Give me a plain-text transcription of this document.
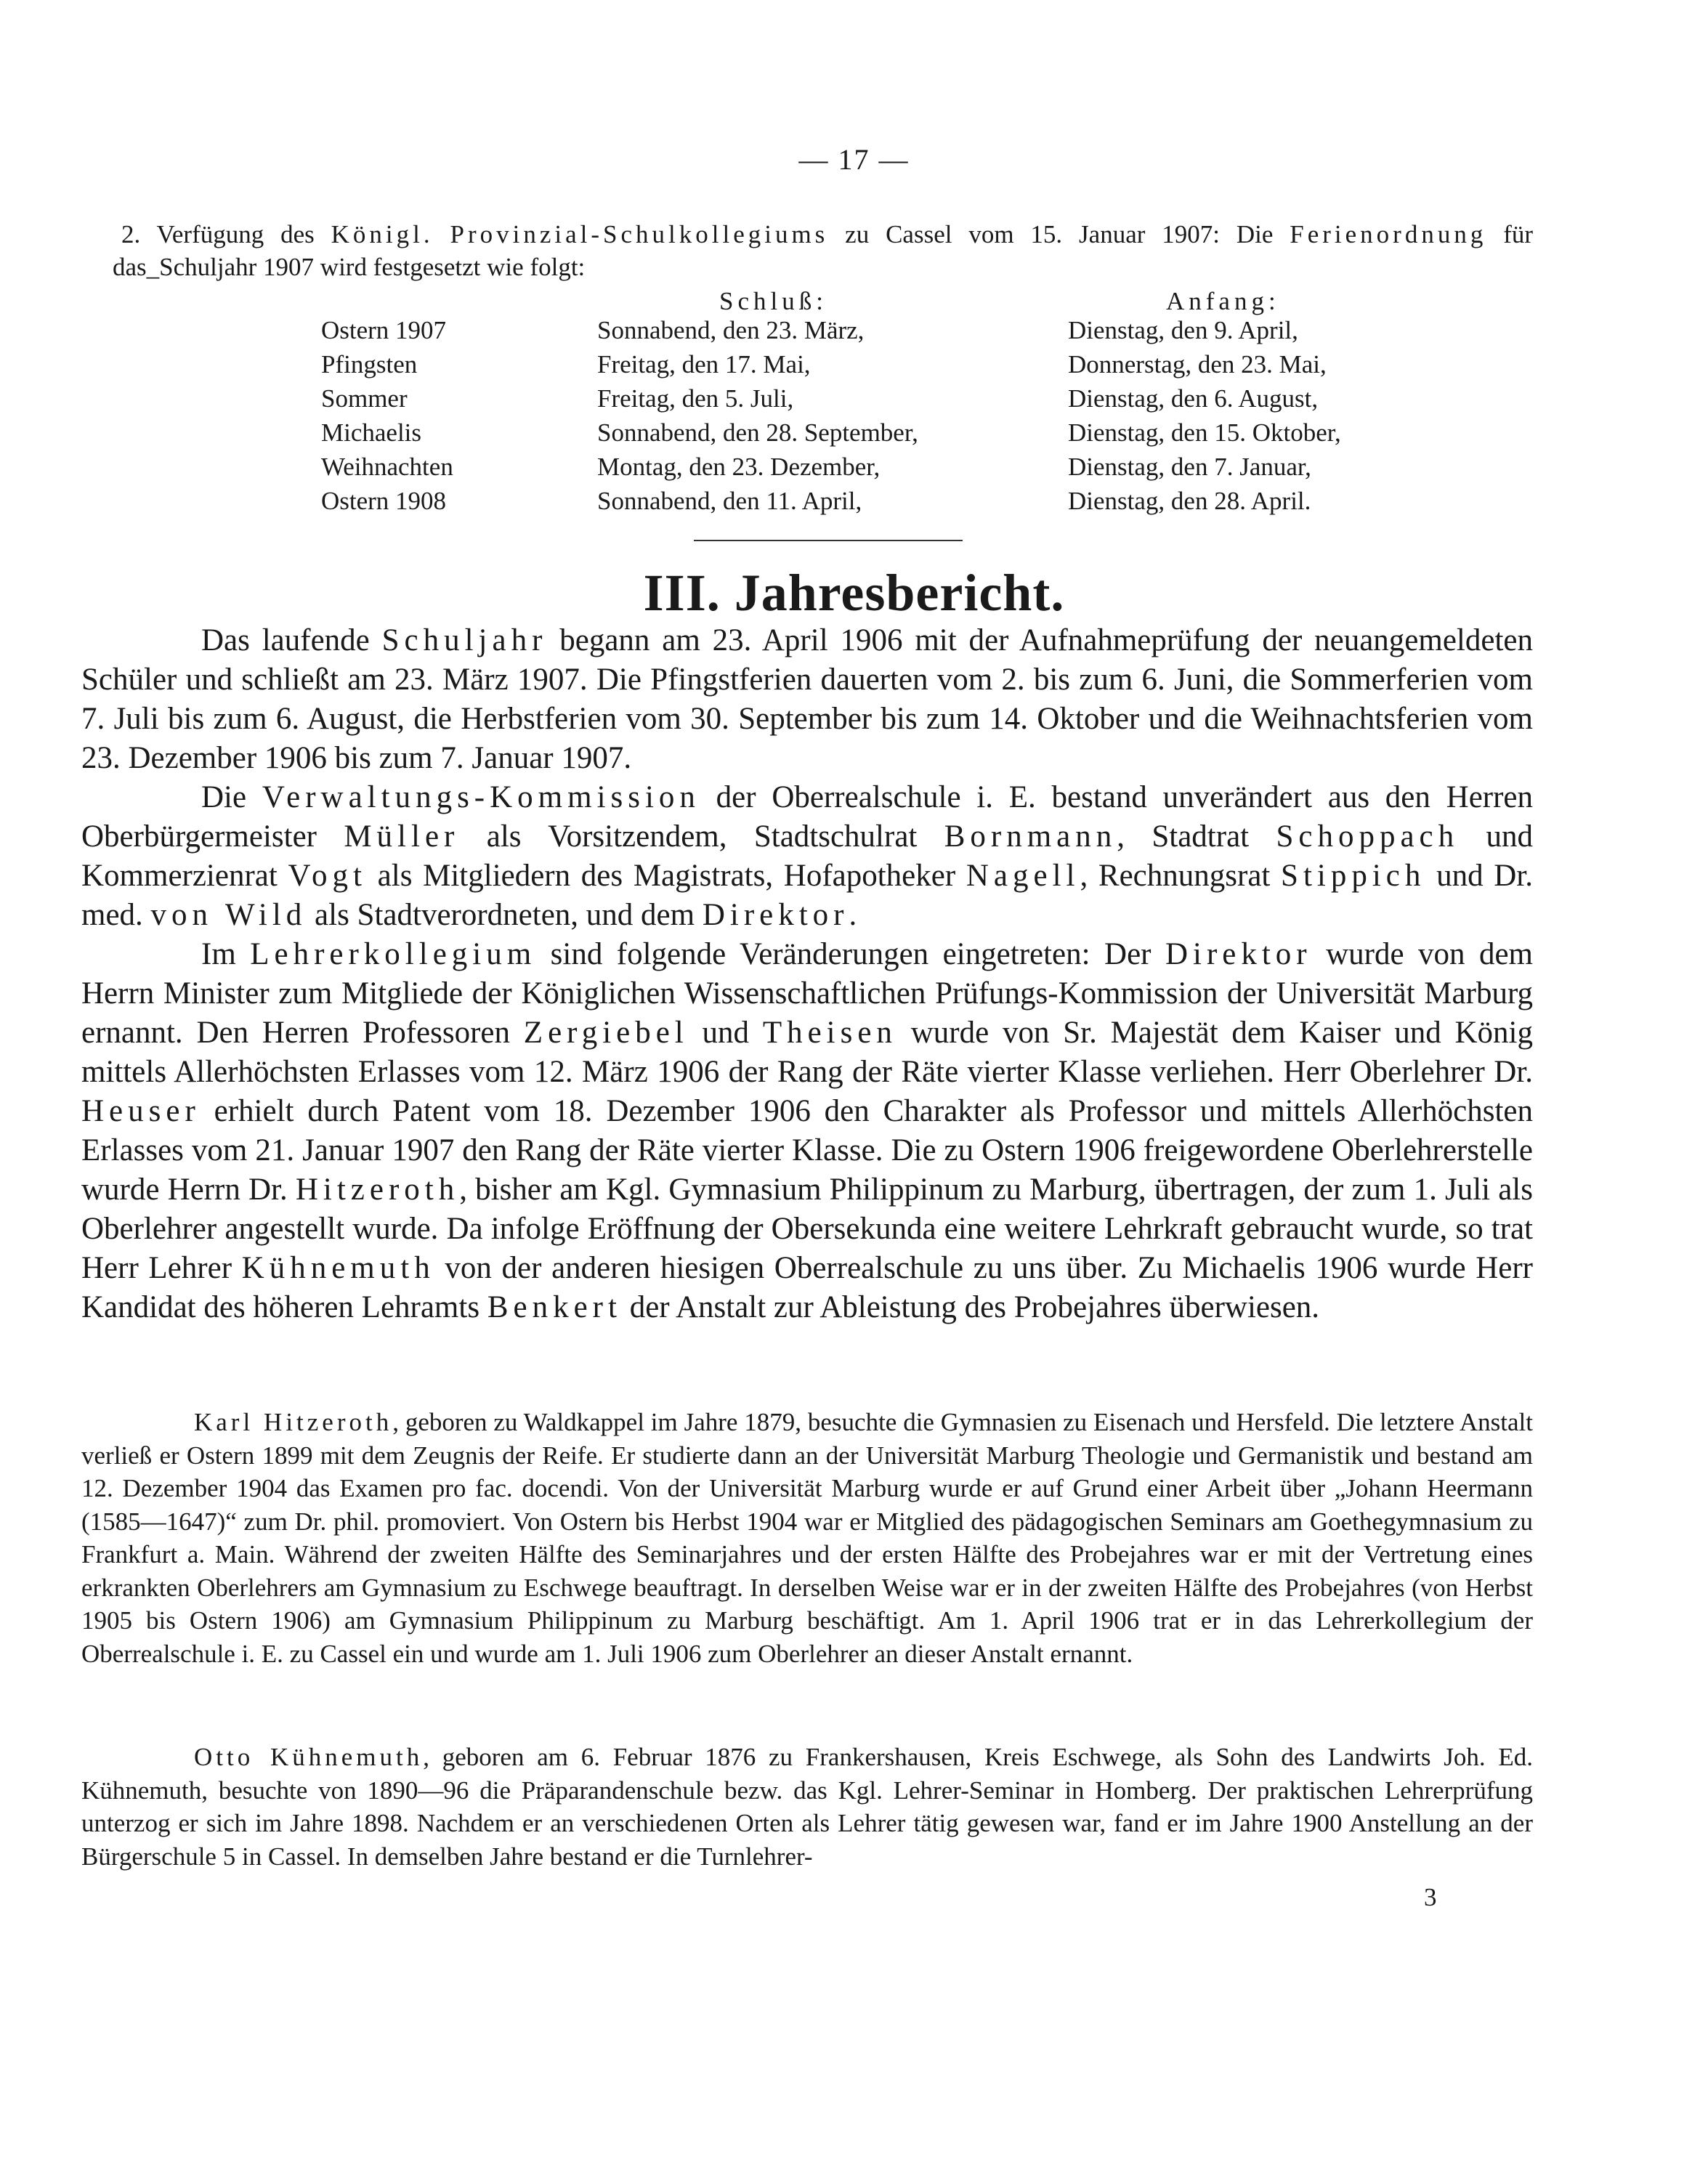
— 17 —

2. Verfügung des Königl. Provinzial-Schulkollegiums zu Cassel vom 15. Januar 1907: Die Ferienordnung für das_Schuljahr 1907 wird festgesetzt wie folgt:

Schluß:	Anfang:
Ostern 1907	Sonnabend, den 23. März,	Dienstag, den 9. April,
Pfingsten	Freitag, den 17. Mai,	Donnerstag, den 23. Mai,
Sommer	Freitag, den 5. Juli,	Dienstag, den 6. August,
Michaelis	Sonnabend, den 28. September,	Dienstag, den 15. Oktober,
Weihnachten	Montag, den 23. Dezember,	Dienstag, den 7. Januar,
Ostern 1908	Sonnabend, den 11. April,	Dienstag, den 28. April.
III. Jahresbericht.

Das laufende Schuljahr begann am 23. April 1906 mit der Aufnahmeprüfung der neuangemeldeten Schüler und schließt am 23. März 1907. Die Pfingstferien dauerten vom 2. bis zum 6. Juni, die Sommerferien vom 7. Juli bis zum 6. August, die Herbstferien vom 30. September bis zum 14. Oktober und die Weihnachtsferien vom 23. Dezember 1906 bis zum 7. Januar 1907.

Die Verwaltungs-Kommission der Oberrealschule i. E. bestand unverändert aus den Herren Oberbürgermeister Müller als Vorsitzendem, Stadtschulrat Bornmann, Stadtrat Schoppach und Kommerzienrat Vogt als Mitgliedern des Magistrats, Hofapotheker Nagell, Rechnungsrat Stippich und Dr. med. von Wild als Stadtverordneten, und dem Direktor.

Im Lehrerkollegium sind folgende Veränderungen eingetreten: Der Direktor wurde von dem Herrn Minister zum Mitgliede der Königlichen Wissenschaftlichen Prüfungs-Kommission der Universität Marburg ernannt. Den Herren Professoren Zergiebel und Theisen wurde von Sr. Majestät dem Kaiser und König mittels Allerhöchsten Erlasses vom 12. März 1906 der Rang der Räte vierter Klasse verliehen. Herr Oberlehrer Dr. Heuser erhielt durch Patent vom 18. Dezember 1906 den Charakter als Professor und mittels Allerhöchsten Erlasses vom 21. Januar 1907 den Rang der Räte vierter Klasse. Die zu Ostern 1906 freigewordene Oberlehrerstelle wurde Herrn Dr. Hitzeroth, bisher am Kgl. Gymnasium Philippinum zu Marburg, übertragen, der zum 1. Juli als Oberlehrer angestellt wurde. Da infolge Eröffnung der Obersekunda eine weitere Lehrkraft gebraucht wurde, so trat Herr Lehrer Kühnemuth von der anderen hiesigen Oberrealschule zu uns über. Zu Michaelis 1906 wurde Herr Kandidat des höheren Lehramts Benkert der Anstalt zur Ableistung des Probejahres überwiesen.

Karl Hitzeroth, geboren zu Waldkappel im Jahre 1879, besuchte die Gymnasien zu Eisenach und Hersfeld. Die letztere Anstalt verließ er Ostern 1899 mit dem Zeugnis der Reife. Er studierte dann an der Universität Marburg Theologie und Germanistik und bestand am 12. Dezember 1904 das Examen pro fac. docendi. Von der Universität Marburg wurde er auf Grund einer Arbeit über „Johann Heermann (1585—1647)“ zum Dr. phil. promoviert. Von Ostern bis Herbst 1904 war er Mitglied des pädagogischen Seminars am Goethegymnasium zu Frankfurt a. Main. Während der zweiten Hälfte des Seminarjahres und der ersten Hälfte des Probejahres war er mit der Vertretung eines erkrankten Oberlehrers am Gymnasium zu Eschwege beauftragt. In derselben Weise war er in der zweiten Hälfte des Probejahres (von Herbst 1905 bis Ostern 1906) am Gymnasium Philippinum zu Marburg beschäftigt. Am 1. April 1906 trat er in das Lehrerkollegium der Oberrealschule i. E. zu Cassel ein und wurde am 1. Juli 1906 zum Oberlehrer an dieser Anstalt ernannt.

Otto Kühnemuth, geboren am 6. Februar 1876 zu Frankershausen, Kreis Eschwege, als Sohn des Landwirts Joh. Ed. Kühnemuth, besuchte von 1890—96 die Präparandenschule bezw. das Kgl. Lehrer-Seminar in Homberg. Der praktischen Lehrerprüfung unterzog er sich im Jahre 1898. Nachdem er an verschiedenen Orten als Lehrer tätig gewesen war, fand er im Jahre 1900 Anstellung an der Bürgerschule 5 in Cassel. In demselben Jahre bestand er die Turnlehrer-

3
